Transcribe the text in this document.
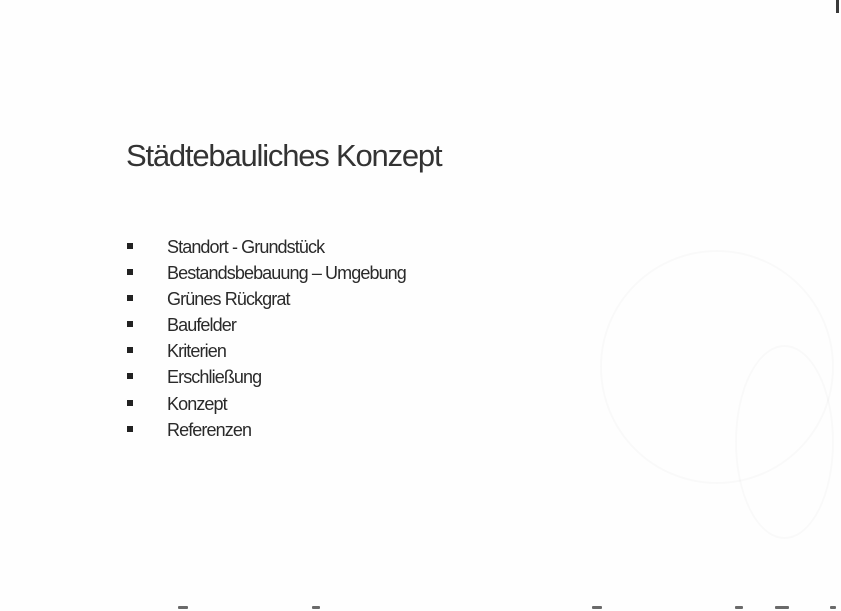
Städtebauliches Konzept
Standort - Grundstück
Bestandsbebauung – Umgebung
Grünes Rückgrat
Baufelder
Kriterien
Erschließung
Konzept
Referenzen
